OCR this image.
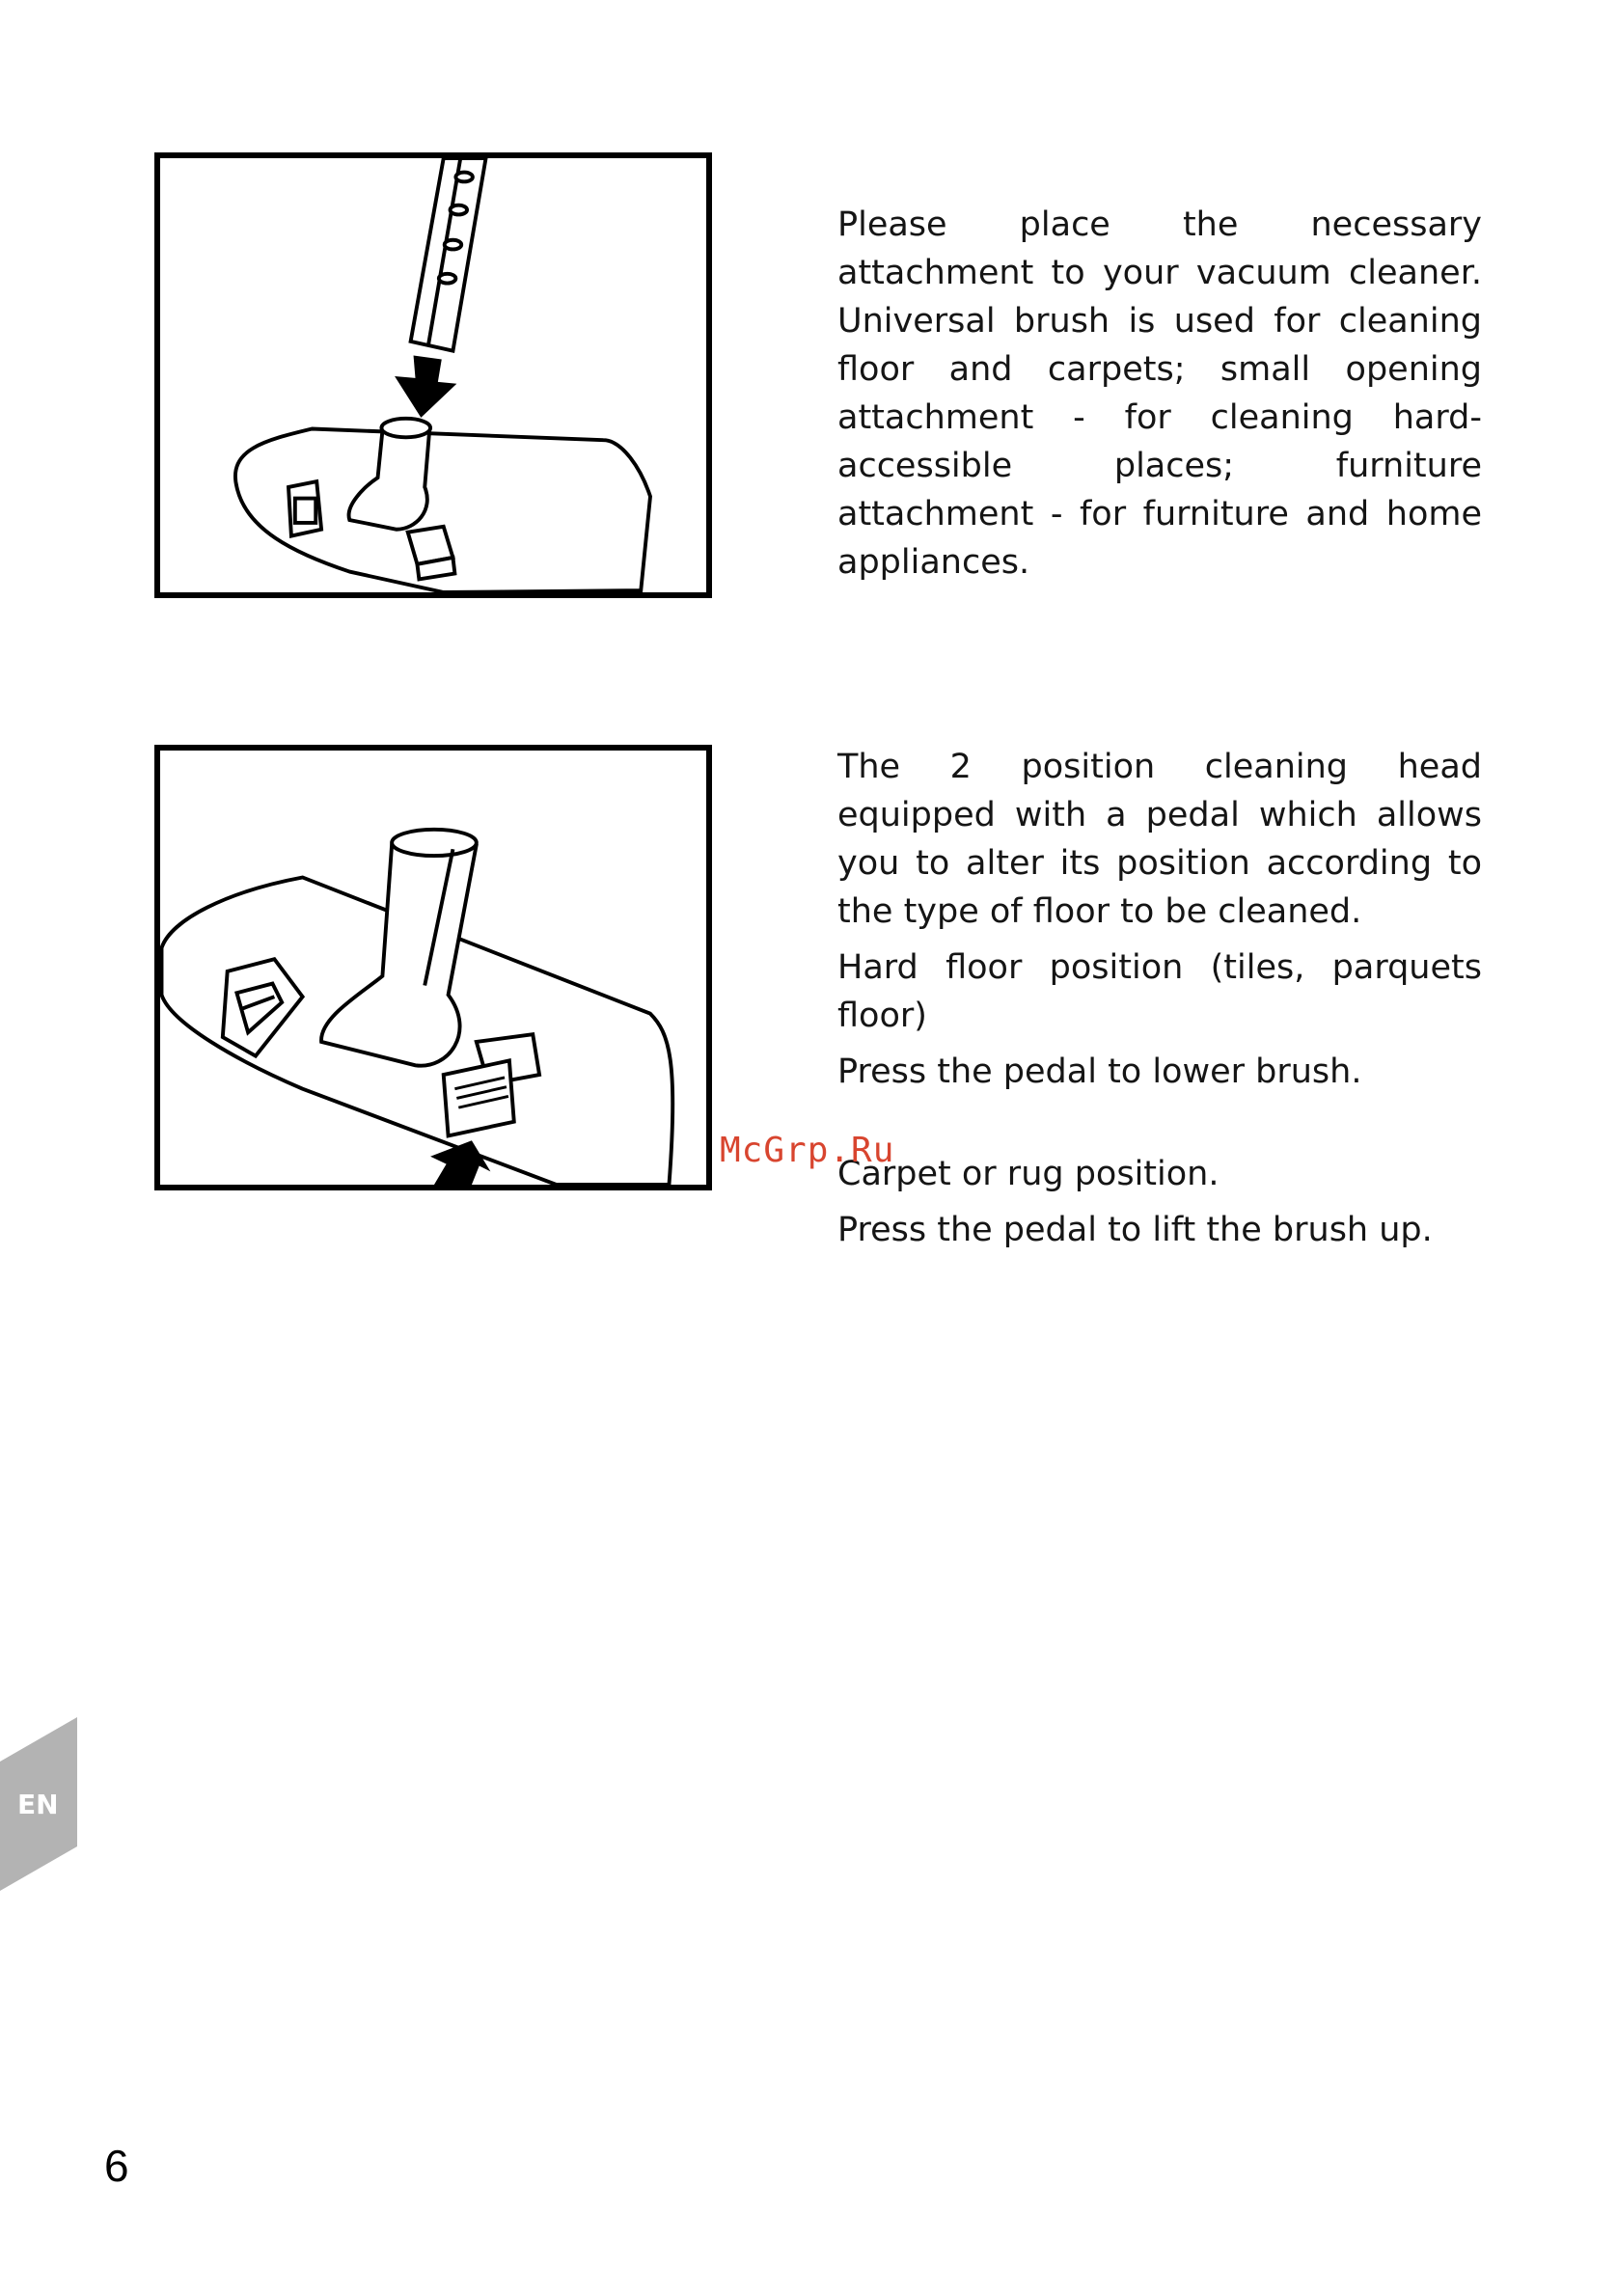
Please place the necessary attachment to your vacuum cleaner. Universal brush is used for cleaning floor and carpets; small opening attachment - for cleaning hard-accessible places; furniture attachment - for furniture and home appliances.

The 2 position cleaning head equipped with a pedal which allows you to alter its position according to the type of floor to be cleaned.

Hard floor position (tiles, parquets floor)

Press the pedal to lower brush.

Carpet or rug position.

Press the pedal to lift the brush up.

McGrp.Ru
EN
6
